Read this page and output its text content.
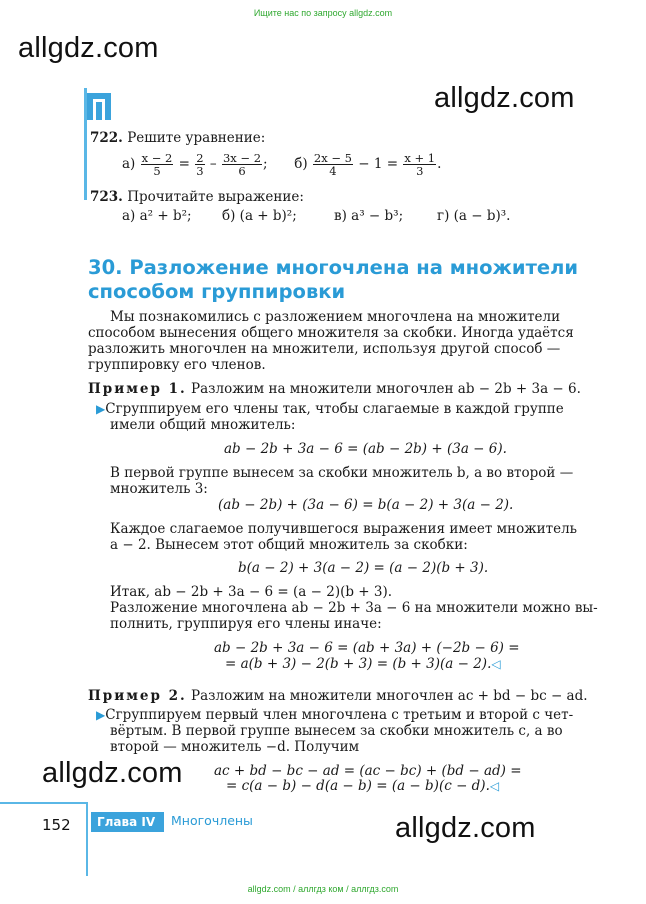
Ищите нас по запросу allgdz.com
allgdz.com
allgdz.com
allgdz.com
allgdz.com
allgdz.com / аллгдз ком / аллгдз.com
722. Решите уравнение:
$а) \frac{x - 2}{5} = \frac{2}{3} - \frac{3x - 2}{6}$ ; $б) \frac{2x - 5}{4} - 1 = \frac{x + 1}{3}$ .
723. Прочитайте выражение:
а) a² + b²; б) (a + b)²;	в) a³ − b³;	г) (a − b)³.
30. Разложение многочлена на множители
способом группировки
Мы познакомились с разложением многочлена на множители
способом вынесения общего множителя за скобки. Иногда удаётся
разложить многочлен на множители, используя другой способ —
группировку его членов.
Пример 1. Разложим на множители многочлен ab − 2b + 3a − 6.
▶Сгруппируем его члены так, чтобы слагаемые в каждой группе
имели общий множитель:
ab − 2b + 3a − 6 = (ab − 2b) + (3a − 6).
В первой группе вынесем за скобки множитель b, а во второй —
множитель 3:
(ab − 2b) + (3a − 6) = b(a − 2) + 3(a − 2).
Каждое слагаемое получившегося выражения имеет множитель
a − 2. Вынесем этот общий множитель за скобки:
b(a − 2) + 3(a − 2) = (a − 2)(b + 3).
Итак, ab − 2b + 3a − 6 = (a − 2)(b + 3).
Разложение многочлена ab − 2b + 3a − 6 на множители можно вы-
полнить, группируя его члены иначе:
ab − 2b + 3a − 6 = (ab + 3a) + (−2b − 6) =
= a(b + 3) − 2(b + 3) = (b + 3)(a − 2).◁
Пример 2. Разложим на множители многочлен ac + bd − bc − ad.
▶Сгруппируем первый член многочлена с третьим и второй с чет-
вёртым. В первой группе вынесем за скобки множитель c, а во
второй — множитель −d. Получим
ac + bd − bc − ad = (ac − bc) + (bd − ad) =
= c(a − b) − d(a − b) = (a − b)(c − d).◁
152	Глава IV	Многочлены
